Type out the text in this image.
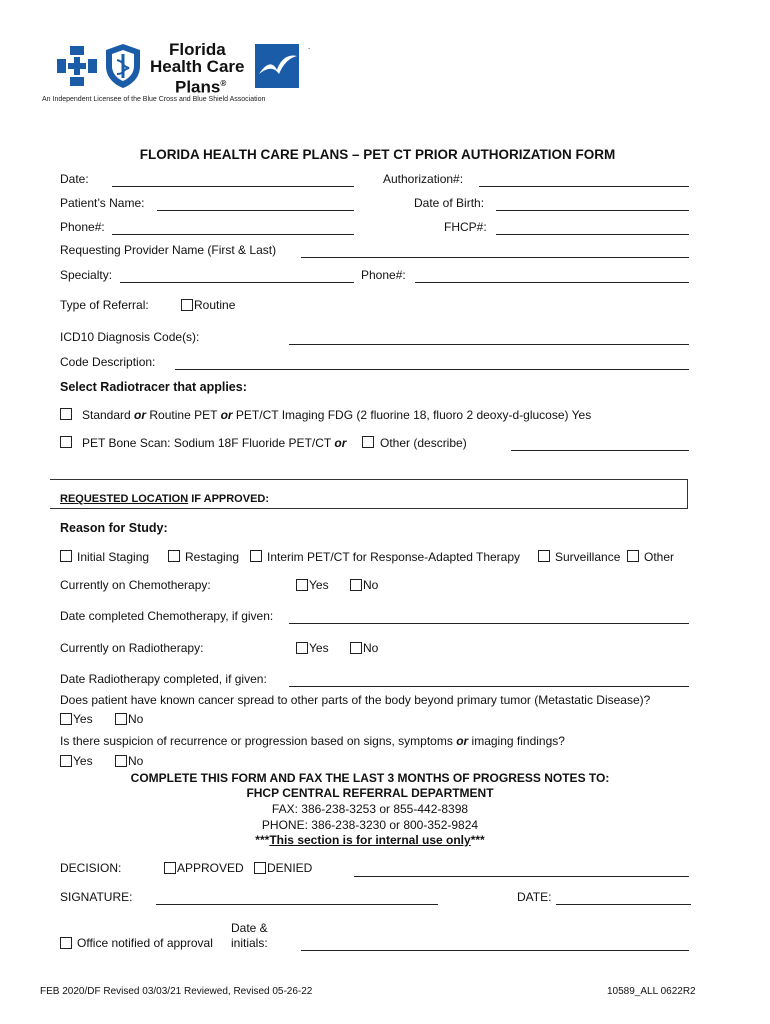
Florida
Health Care
Plans®
.
An Independent Licensee of the Blue Cross and Blue Shield Association
FLORIDA HEALTH CARE PLANS – PET CT PRIOR AUTHORIZATION FORM
Date:	Authorization#:
Patient’s Name:	Date of Birth:
Phone#:	FHCP#:
Requesting Provider Name (First & Last)
Specialty:	Phone#:
Type of Referral:	Routine
ICD10 Diagnosis Code(s):
Code Description:
Select Radiotracer that applies:
Standard or Routine PET or PET/CT Imaging FDG (2 fluorine 18, fluoro 2 deoxy-d-glucose) Yes
PET Bone Scan: Sodium 18F Fluoride PET/CT or	Other (describe)
REQUESTED LOCATION IF APPROVED:
Reason for Study:
Initial Staging	Restaging Interim PET/CT for Response-Adapted Therapy	Surveillance Other
Currently on Chemotherapy:	Yes	No
Date completed Chemotherapy, if given:
Currently on Radiotherapy:	Yes	No
Date Radiotherapy completed, if given:
Does patient have known cancer spread to other parts of the body beyond primary tumor (Metastatic Disease)?
Yes	No
Is there suspicion of recurrence or progression based on signs, symptoms or imaging findings?
Yes	No
COMPLETE THIS FORM AND FAX THE LAST 3 MONTHS OF PROGRESS NOTES TO:
FHCP CENTRAL REFERRAL DEPARTMENT
FAX: 386-238-3253 or 855-442-8398
PHONE: 386-238-3230 or 800-352-9824
***This section is for internal use only***
DECISION:	APPROVED DENIED
SIGNATURE:	DATE:
Office notified of approval
Date &
initials:
FEB 2020/DF Revised 03/03/21 Reviewed, Revised 05-26-22	10589_ALL 0622R2
